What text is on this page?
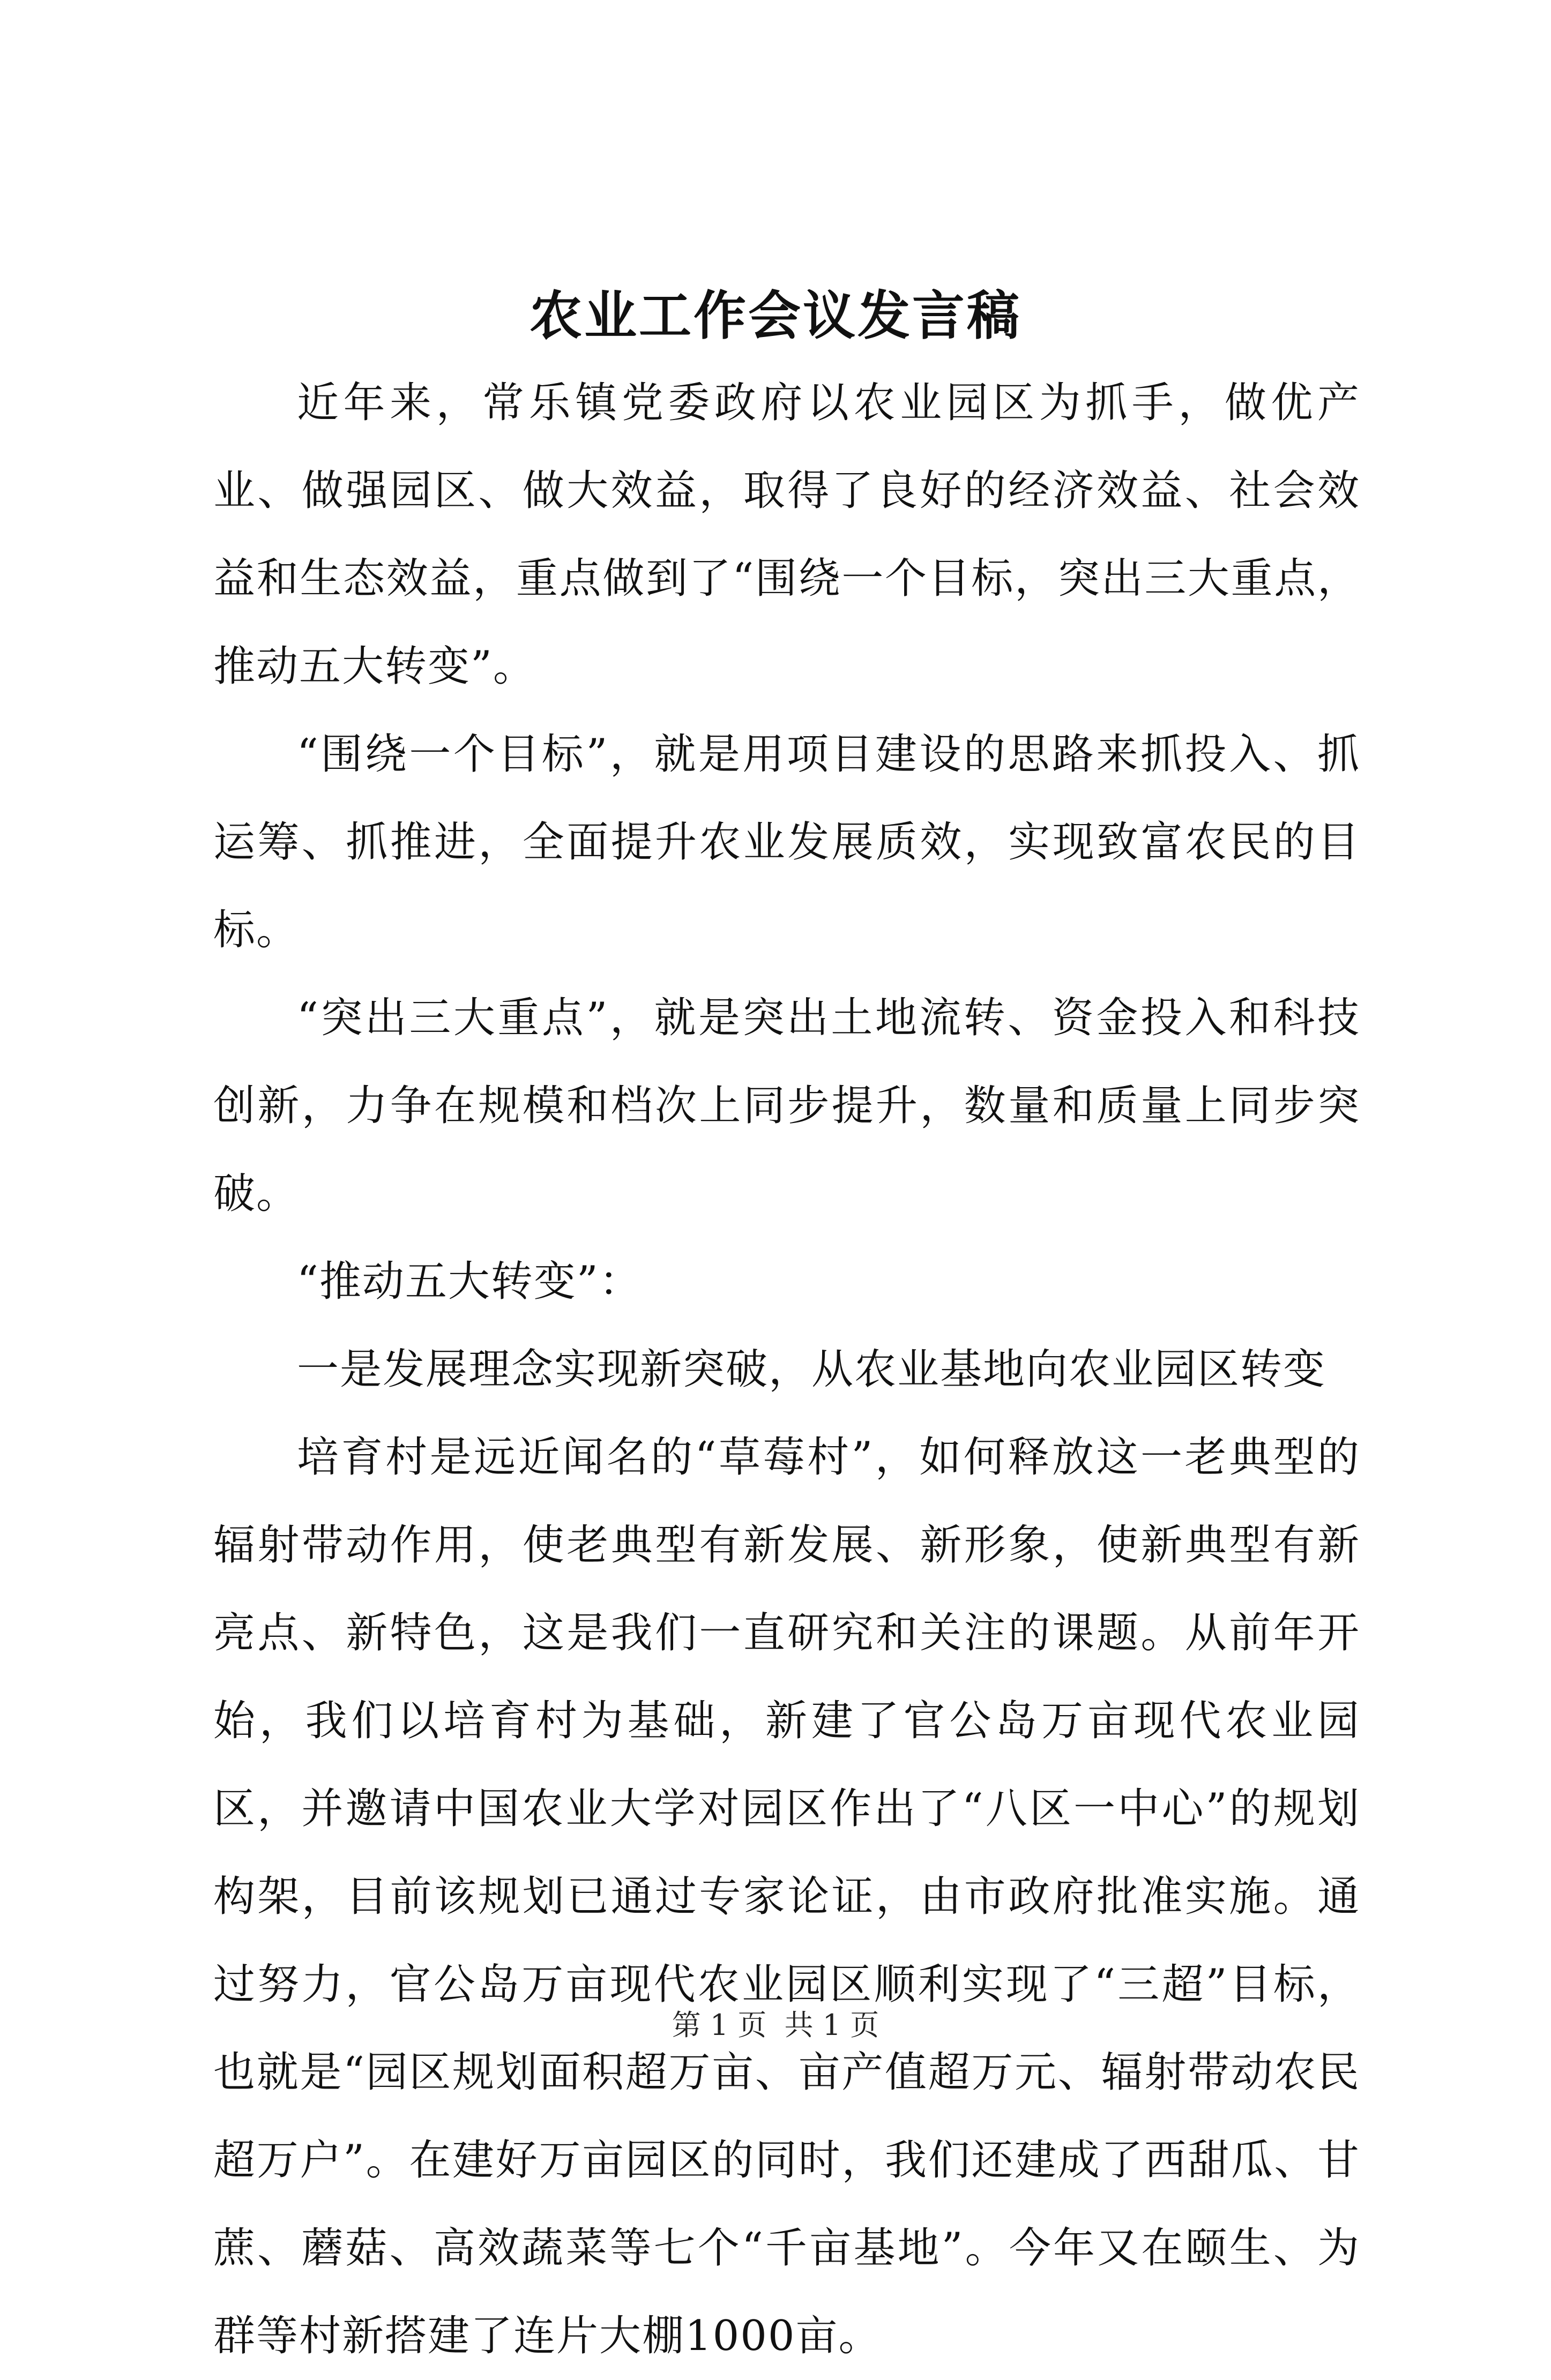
农业工作会议发言稿

近年来，常乐镇党委政府以农业园区为抓手，做优产业、做强园区、做大效益，取得了良好的经济效益、社会效益和生态效益，重点做到了“围绕一个目标，突出三大重点，推动五大转变”。

“围绕一个目标”，就是用项目建设的思路来抓投入、抓运筹、抓推进，全面提升农业发展质效，实现致富农民的目标。

“突出三大重点”，就是突出土地流转、资金投入和科技创新，力争在规模和档次上同步提升，数量和质量上同步突破。

“推动五大转变”：

一是发展理念实现新突破，从农业基地向农业园区转变

培育村是远近闻名的“草莓村”，如何释放这一老典型的辐射带动作用，使老典型有新发展、新形象，使新典型有新亮点、新特色，这是我们一直研究和关注的课题。从前年开始，我们以培育村为基础，新建了官公岛万亩现代农业园区，并邀请中国农业大学对园区作出了“八区一中心”的规划构架，目前该规划已通过专家论证，由市政府批准实施。通过努力，官公岛万亩现代农业园区顺利实现了“三超”目标，也就是“园区规划面积超万亩、亩产值超万元、辐射带动农民超万户”。在建好万亩园区的同时，我们还建成了西甜瓜、甘蔗、蘑菇、高效蔬菜等七个“千亩基地”。今年又在颐生、为群等村新搭建了连片大棚1000亩。

第 1 页 共 1 页
